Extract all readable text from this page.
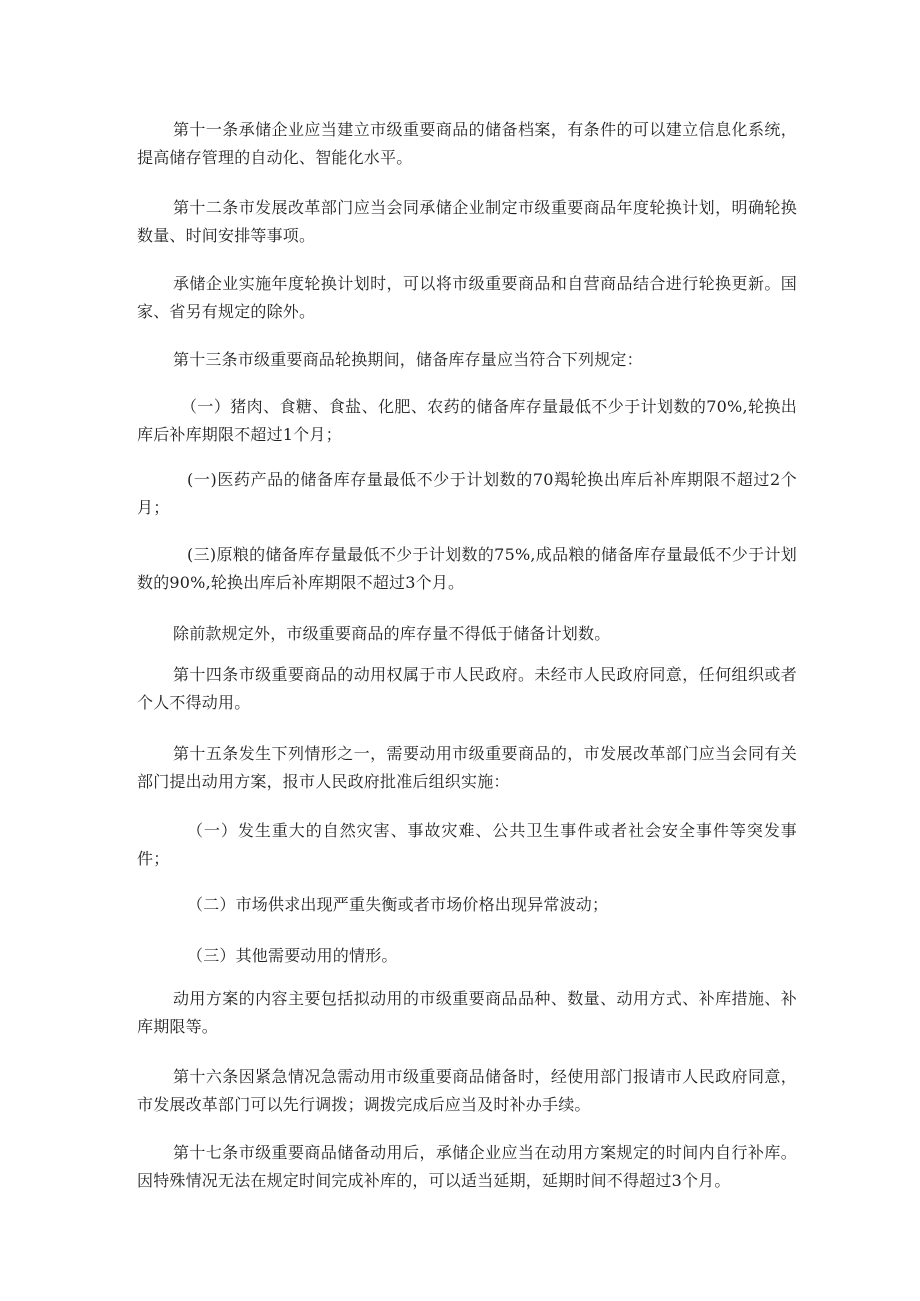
第十一条承储企业应当建立市级重要商品的储备档案，有条件的可以建立信息化系统，提高储存管理的自动化、智能化水平。

第十二条市发展改革部门应当会同承储企业制定市级重要商品年度轮换计划，明确轮换数量、时间安排等事项。

承储企业实施年度轮换计划时，可以将市级重要商品和自营商品结合进行轮换更新。国家、省另有规定的除外。

第十三条市级重要商品轮换期间，储备库存量应当符合下列规定：

（一）猪肉、食糖、食盐、化肥、农药的储备库存量最低不少于计划数的70%,轮换出库后补库期限不超过1个月；

(一)医药产品的储备库存量最低不少于计划数的70羯轮换出库后补库期限不超过2个月；

(三)原粮的储备库存量最低不少于计划数的75%,成品粮的储备库存量最低不少于计划数的90%,轮换出库后补库期限不超过3个月。

除前款规定外，市级重要商品的库存量不得低于储备计划数。

第十四条市级重要商品的动用权属于市人民政府。未经市人民政府同意，任何组织或者个人不得动用。

第十五条发生下列情形之一，需要动用市级重要商品的，市发展改革部门应当会同有关部门提出动用方案，报市人民政府批准后组织实施：

（一）发生重大的自然灾害、事故灾难、公共卫生事件或者社会安全事件等突发事件；

（二）市场供求出现严重失衡或者市场价格出现异常波动；

（三）其他需要动用的情形。

动用方案的内容主要包括拟动用的市级重要商品品种、数量、动用方式、补库措施、补库期限等。

第十六条因紧急情况急需动用市级重要商品储备时，经使用部门报请市人民政府同意，市发展改革部门可以先行调拨；调拨完成后应当及时补办手续。

第十七条市级重要商品储备动用后，承储企业应当在动用方案规定的时间内自行补库。因特殊情况无法在规定时间完成补库的，可以适当延期，延期时间不得超过3个月。
